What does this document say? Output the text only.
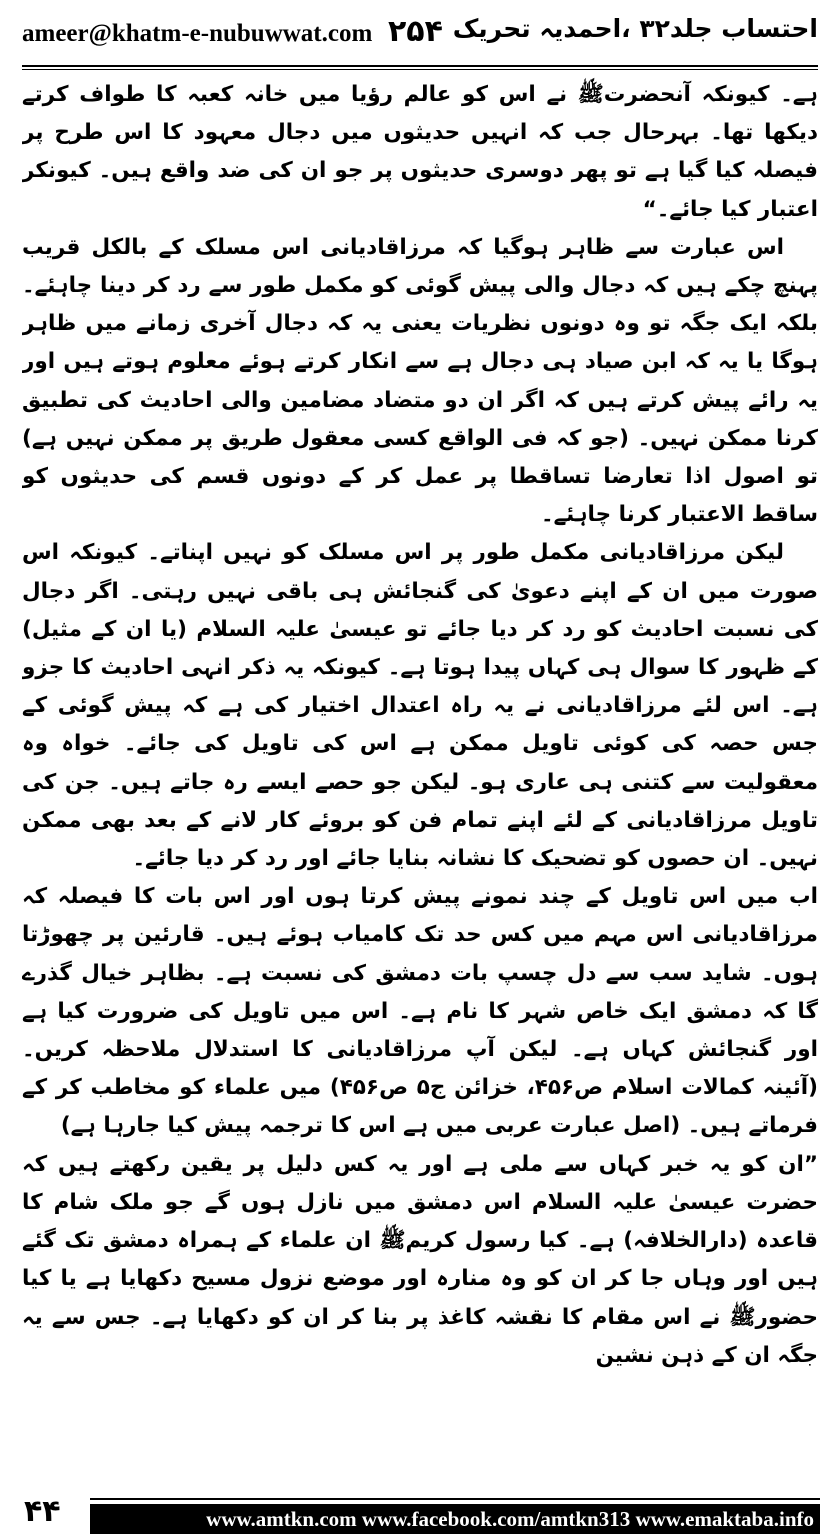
ameer@khatm-e-nubuwwat.com ۲۵۴ احتساب جلد۳۲ ،احمدیہ تحریک

ہے۔ کیونکہ آنحضرتﷺ نے اس کو عالم رؤیا میں خانہ کعبہ کا طواف کرتے دیکھا تھا۔ بہرحال جب کہ انہیں حدیثوں میں دجال معہود کا اس طرح پر فیصلہ کیا گیا ہے تو پھر دوسری حدیثوں پر جو ان کی ضد واقع ہیں۔ کیونکر اعتبار کیا جائے۔“

اس عبارت سے ظاہر ہوگیا کہ مرزاقادیانی اس مسلک کے بالکل قریب پہنچ چکے ہیں کہ دجال والی پیش گوئی کو مکمل طور سے رد کر دینا چاہئے۔ بلکہ ایک جگہ تو وہ دونوں نظریات یعنی یہ کہ دجال آخری زمانے میں ظاہر ہوگا یا یہ کہ ابن صیاد ہی دجال ہے سے انکار کرتے ہوئے معلوم ہوتے ہیں اور یہ رائے پیش کرتے ہیں کہ اگر ان دو متضاد مضامین والی احادیث کی تطبیق کرنا ممکن نہیں۔ (جو کہ فی الواقع کسی معقول طریق پر ممکن نہیں ہے) تو اصول اذا تعارضا تساقطا پر عمل کر کے دونوں قسم کی حدیثوں کو ساقط الاعتبار کرنا چاہئے۔

لیکن مرزاقادیانی مکمل طور پر اس مسلک کو نہیں اپناتے۔ کیونکہ اس صورت میں ان کے اپنے دعویٰ کی گنجائش ہی باقی نہیں رہتی۔ اگر دجال کی نسبت احادیث کو رد کر دیا جائے تو عیسیٰ علیہ السلام (یا ان کے مثیل) کے ظہور کا سوال ہی کہاں پیدا ہوتا ہے۔ کیونکہ یہ ذکر انہی احادیث کا جزو ہے۔ اس لئے مرزاقادیانی نے یہ راہ اعتدال اختیار کی ہے کہ پیش گوئی کے جس حصہ کی کوئی تاویل ممکن ہے اس کی تاویل کی جائے۔ خواہ وہ معقولیت سے کتنی ہی عاری ہو۔ لیکن جو حصے ایسے رہ جاتے ہیں۔ جن کی تاویل مرزاقادیانی کے لئے اپنے تمام فن کو بروئے کار لانے کے بعد بھی ممکن نہیں۔ ان حصوں کو تضحیک کا نشانہ بنایا جائے اور رد کر دیا جائے۔

اب میں اس تاویل کے چند نمونے پیش کرتا ہوں اور اس بات کا فیصلہ کہ مرزاقادیانی اس مہم میں کس حد تک کامیاب ہوئے ہیں۔ قارئین پر چھوڑتا ہوں۔ شاید سب سے دل چسپ بات دمشق کی نسبت ہے۔ بظاہر خیال گذرے گا کہ دمشق ایک خاص شہر کا نام ہے۔ اس میں تاویل کی ضرورت کیا ہے اور گنجائش کہاں ہے۔ لیکن آپ مرزاقادیانی کا استدلال ملاحظہ کریں۔ (آئینہ کمالات اسلام ص۴۵۶، خزائن ج۵ ص۴۵۶) میں علماء کو مخاطب کر کے فرماتے ہیں۔ (اصل عبارت عربی میں ہے اس کا ترجمہ پیش کیا جارہا ہے)

”ان کو یہ خبر کہاں سے ملی ہے اور یہ کس دلیل پر یقین رکھتے ہیں کہ حضرت عیسیٰ علیہ السلام اس دمشق میں نازل ہوں گے جو ملک شام کا قاعدہ (دارالخلافہ) ہے۔ کیا رسول کریمﷺ ان علماء کے ہمراہ دمشق تک گئے ہیں اور وہاں جا کر ان کو وہ منارہ اور موضع نزول مسیح دکھایا ہے یا کیا حضورﷺ نے اس مقام کا نقشہ کاغذ پر بنا کر ان کو دکھایا ہے۔ جس سے یہ جگہ ان کے ذہن نشین

۴۴	www.amtkn.com www.facebook.com/amtkn313 www.emaktaba.info
